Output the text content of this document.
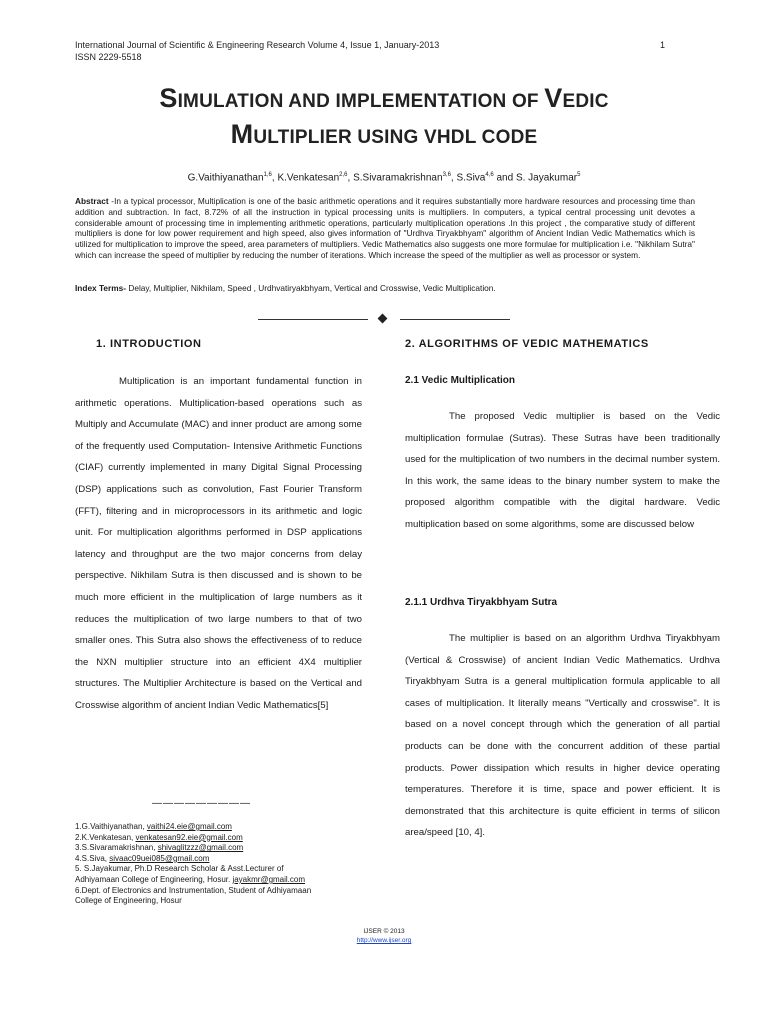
International Journal of Scientific & Engineering Research Volume 4, Issue 1, January-2013
ISSN 2229-5518
1
SIMULATION AND IMPLEMENTATION OF VEDIC
MULTIPLIER USING VHDL CODE
G.Vaithiyanathan$^{1,6}$, K.Venkatesan$^{2,6}$, S.Sivaramakrishnan$^{3,6}$, S.Siva$^{4,6}$ and S. Jayakumar$^5$
Abstract -In a typical processor, Multiplication is one of the basic arithmetic operations and it requires substantially more hardware resources and processing time than addition and subtraction. In fact, 8.72% of all the instruction in typical processing units is multipliers. In computers, a typical central processing unit devotes a considerable amount of processing time in implementing arithmetic operations, particularly multiplication operations .In this project , the comparative study of different multipliers is done for low power requirement and high speed, also gives information of "Urdhva Tiryakbhyam" algorithm of Ancient Indian Vedic Mathematics which is utilized for multiplication to improve the speed, area parameters of multipliers. Vedic Mathematics also suggests one more formulae for multiplication i.e. "Nikhilam Sutra" which can increase the speed of multiplier by reducing the number of iterations. Which increase the speed of the multiplier as well as processor or system.
Index Terms- Delay, Multiplier, Nikhilam, Speed , Urdhvatiryakbhyam, Vertical and Crosswise, Vedic Multiplication.
1. INTRODUCTION	2. ALGORITHMS OF VEDIC MATHEMATICS

Multiplication is an important fundamental function in arithmetic operations. Multiplication-based operations such as Multiply and Accumulate (MAC) and inner product are among some of the frequently used Computation- Intensive Arithmetic Functions (CIAF) currently implemented in many Digital Signal Processing (DSP) applications such as convolution, Fast Fourier Transform (FFT), filtering and in microprocessors in its arithmetic and logic unit. For multiplication algorithms performed in DSP applications latency and throughput are the two major concerns from delay perspective. Nikhilam Sutra is then discussed and is shown to be much more efficient in the multiplication of large numbers as it reduces the multiplication of two large numbers to that of two smaller ones. This Sutra also shows the effectiveness of to reduce the NXN multiplier structure into an efficient 4X4 multiplier structures. The Multiplier Architecture is based on the Vertical and Crosswise algorithm of ancient Indian Vedic Mathematics[5]

2.1 Vedic Multiplication

The proposed Vedic multiplier is based on the Vedic multiplication formulae (Sutras). These Sutras have been traditionally used for the multiplication of two numbers in the decimal number system. In this work, the same ideas to the binary number system to make the proposed algorithm compatible with the digital hardware. Vedic multiplication based on some algorithms, some are discussed below

2.1.1 Urdhva Tiryakbhyam Sutra

The multiplier is based on an algorithm Urdhva Tiryakbhyam (Vertical & Crosswise) of ancient Indian Vedic Mathematics. Urdhva Tiryakbhyam Sutra is a general multiplication formula applicable to all cases of multiplication. It literally means "Vertically and crosswise". It is based on a novel concept through which the generation of all partial products can be done with the concurrent addition of these partial products. Power dissipation which results in higher device operating temperatures. Therefore it is time, space and power efficient. It is demonstrated that this architecture is quite efficient in terms of silicon area/speed [10, 4].

—————————
1.G.Vaithiyanathan, vaithi24.eie@gmail.com
2.K.Venkatesan, venkatesan92.eie@gmail.com
3.S.Sivaramakrishnan, shivaglitzzz@gmail.com
4.S.Siva, sivaac09uei085@gmail.com
5. S.Jayakumar, Ph.D Research Scholar & Asst.Lecturer of
Adhiyamaan College of Engineering, Hosur. jayakmr@gmail.com
6.Dept. of Electronics and Instrumentation, Student of Adhiyamaan
College of Engineering, Hosur
IJSER © 2013
http://www.ijser.org
